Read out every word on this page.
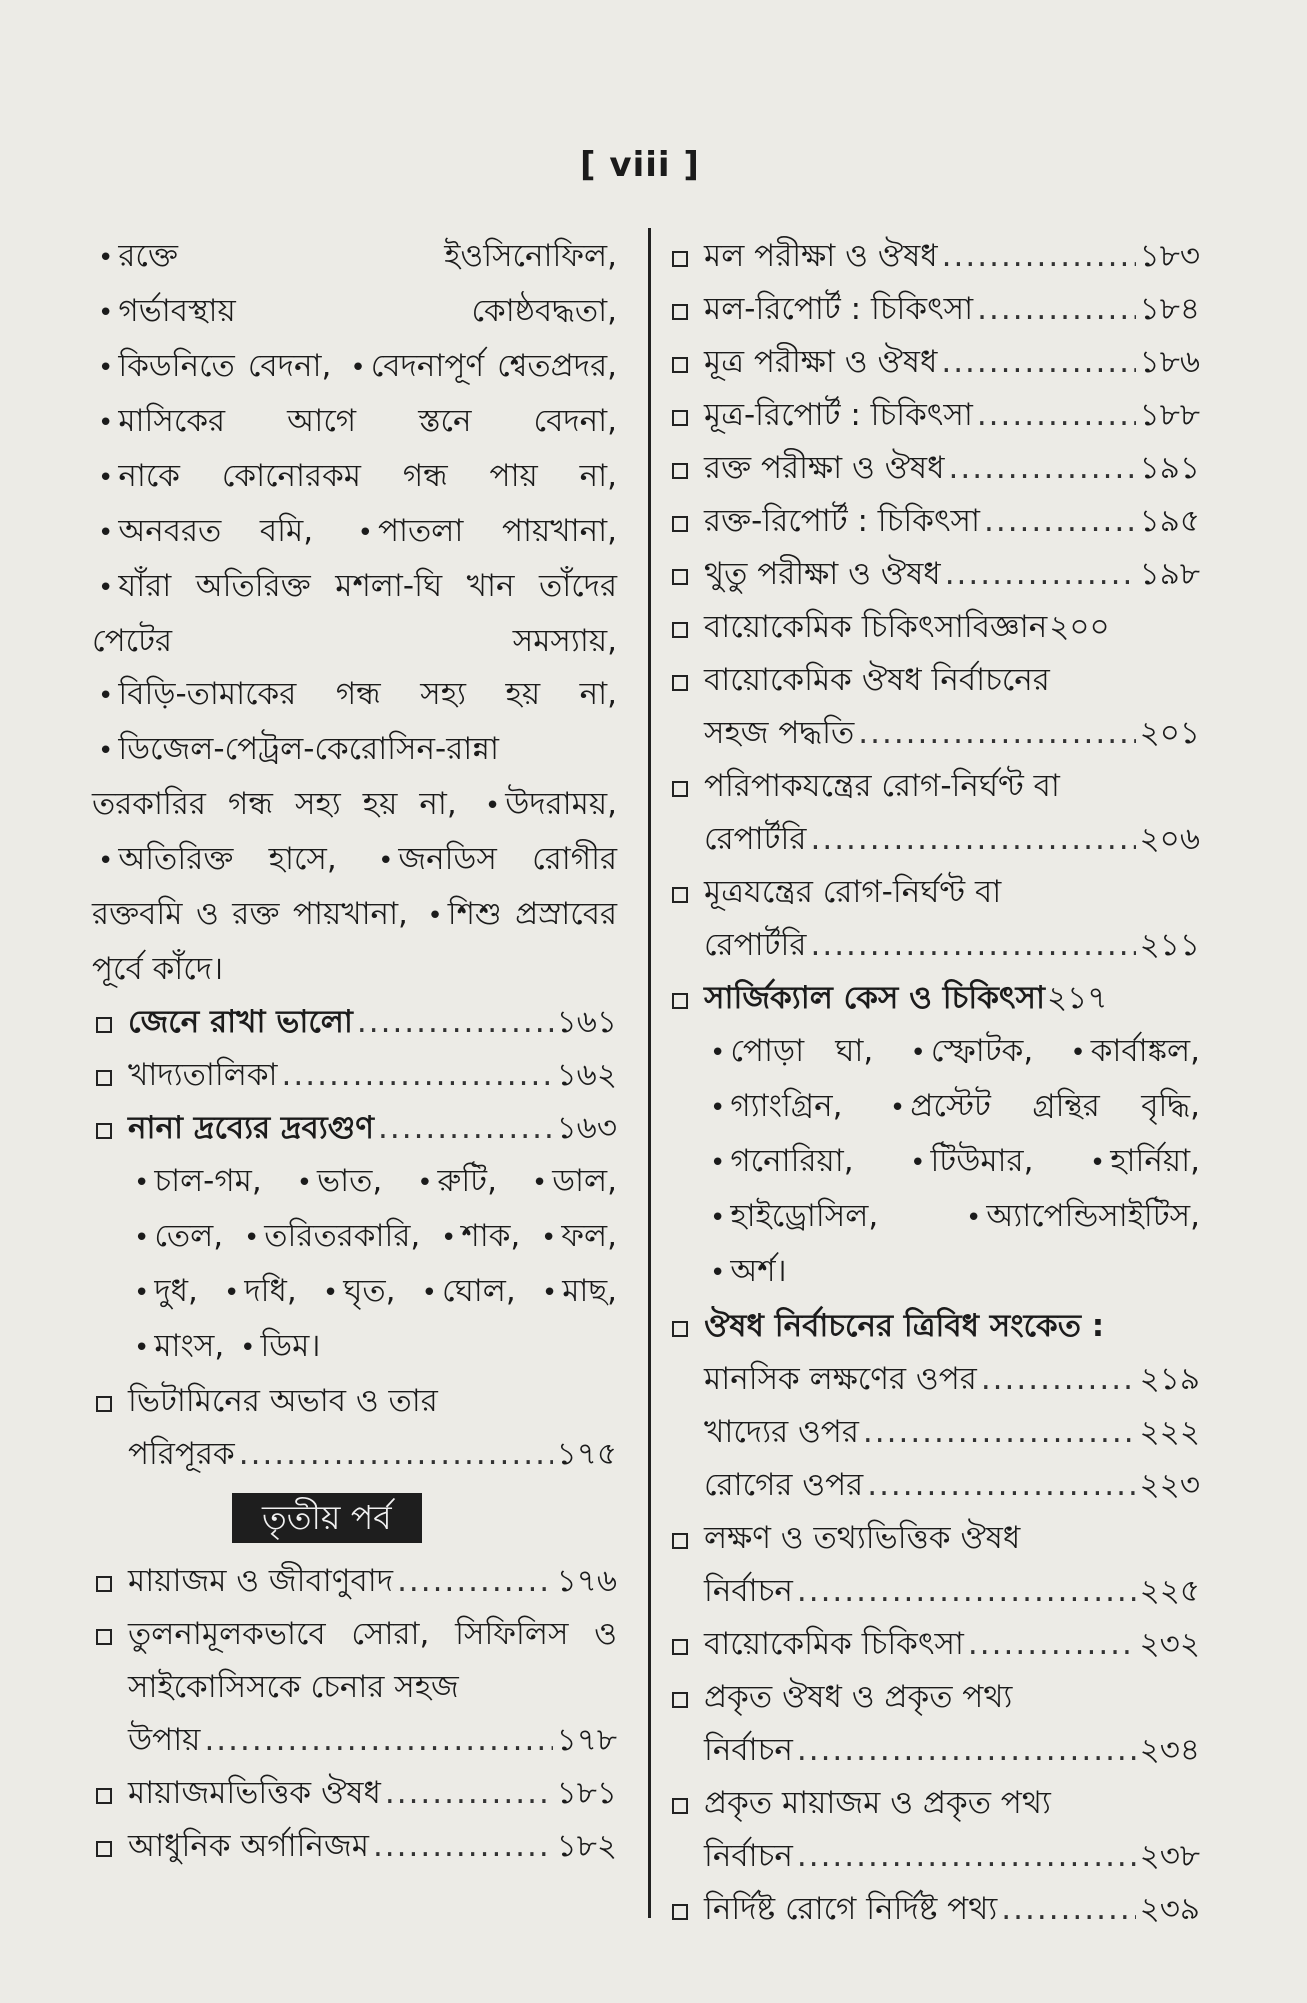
[ viii ]

• রক্তে ইওসিনোফিল, • গর্ভাবস্থায় কোষ্ঠবদ্ধতা, • কিডনিতে বেদনা, • বেদনাপূর্ণ শ্বেতপ্রদর, • মাসিকের আগে স্তনে বেদনা, • নাকে কোনোরকম গন্ধ পায় না, • অনবরত বমি, • পাতলা পায়খানা, • যাঁরা অতিরিক্ত মশলা-ঘি খান তাঁদের পেটের সমস্যায়, • বিড়ি-তামাকের গন্ধ সহ্য হয় না, • ডিজেল-পেট্রল-কেরোসিন-রান্না তরকারির গন্ধ সহ্য হয় না, • উদরাময়, • অতিরিক্ত হাসে, • জনডিস রোগীর রক্তবমি ও রক্ত পায়খানা, • শিশু প্রস্রাবের পূর্বে কাঁদে।

জেনে রাখা ভালো .....	১৬১
খাদ্যতালিকা .....	১৬২
নানা দ্রব্যের দ্রব্যগুণ .....	১৬৩

• চাল-গম, • ভাত, • রুটি, • ডাল, • তেল, • তরিতরকারি, • শাক, • ফল, • দুধ, • দধি, • ঘৃত, • ঘোল, • মাছ, • মাংস, • ডিম।

ভিটামিনের অভাব ও তার
পরিপূরক .....	১৭৫
তৃতীয় পর্ব
মায়াজম ও জীবাণুবাদ .....	১৭৬
তুলনামূলকভাবে সোরা, সিফিলিস ও সাইকোসিসকে চেনার সহজ
উপায় .....	১৭৮
মায়াজমভিত্তিক ঔষধ .....	১৮১
আধুনিক অর্গানিজম .....	১৮২
মল পরীক্ষা ও ঔষধ .....	১৮৩
মল-রিপোর্ট : চিকিৎসা .....	১৮৪
মূত্র পরীক্ষা ও ঔষধ .....	১৮৬
মূত্র-রিপোর্ট : চিকিৎসা .....	১৮৮
রক্ত পরীক্ষা ও ঔষধ .....	১৯১
রক্ত-রিপোর্ট : চিকিৎসা .....	১৯৫
থুতু পরীক্ষা ও ঔষধ .....	১৯৮
বায়োকেমিক চিকিৎসাবিজ্ঞান ২০০
বায়োকেমিক ঔষধ নির্বাচনের
সহজ পদ্ধতি .....	২০১
পরিপাকযন্ত্রের রোগ-নির্ঘণ্ট বা
রেপার্টরি .....	২০৬
মূত্রযন্ত্রের রোগ-নির্ঘণ্ট বা
রেপার্টরি .....	২১১
সার্জিক্যাল কেস ও চিকিৎসা ২১৭

• পোড়া ঘা, • স্ফোটক, • কার্বাঙ্কল, • গ্যাংগ্রিন, • প্রস্টেট গ্রন্থির বৃদ্ধি, • গনোরিয়া, • টিউমার, • হার্নিয়া, • হাইড্রোসিল,	• অ্যাপেন্ডিসাইটিস, • অর্শ।

ঔষধ নির্বাচনের ত্রিবিধ সংকেত :
মানসিক লক্ষণের ওপর .....	২১৯
খাদ্যের ওপর .....	২২২
রোগের ওপর .....	২২৩
লক্ষণ ও তথ্যভিত্তিক ঔষধ
নির্বাচন .....	২২৫
বায়োকেমিক চিকিৎসা .....	২৩২
প্রকৃত ঔষধ ও প্রকৃত পথ্য
নির্বাচন .....	২৩৪
প্রকৃত মায়াজম ও প্রকৃত পথ্য
নির্বাচন .....	২৩৮
নির্দিষ্ট রোগে নির্দিষ্ট পথ্য .....	২৩৯
